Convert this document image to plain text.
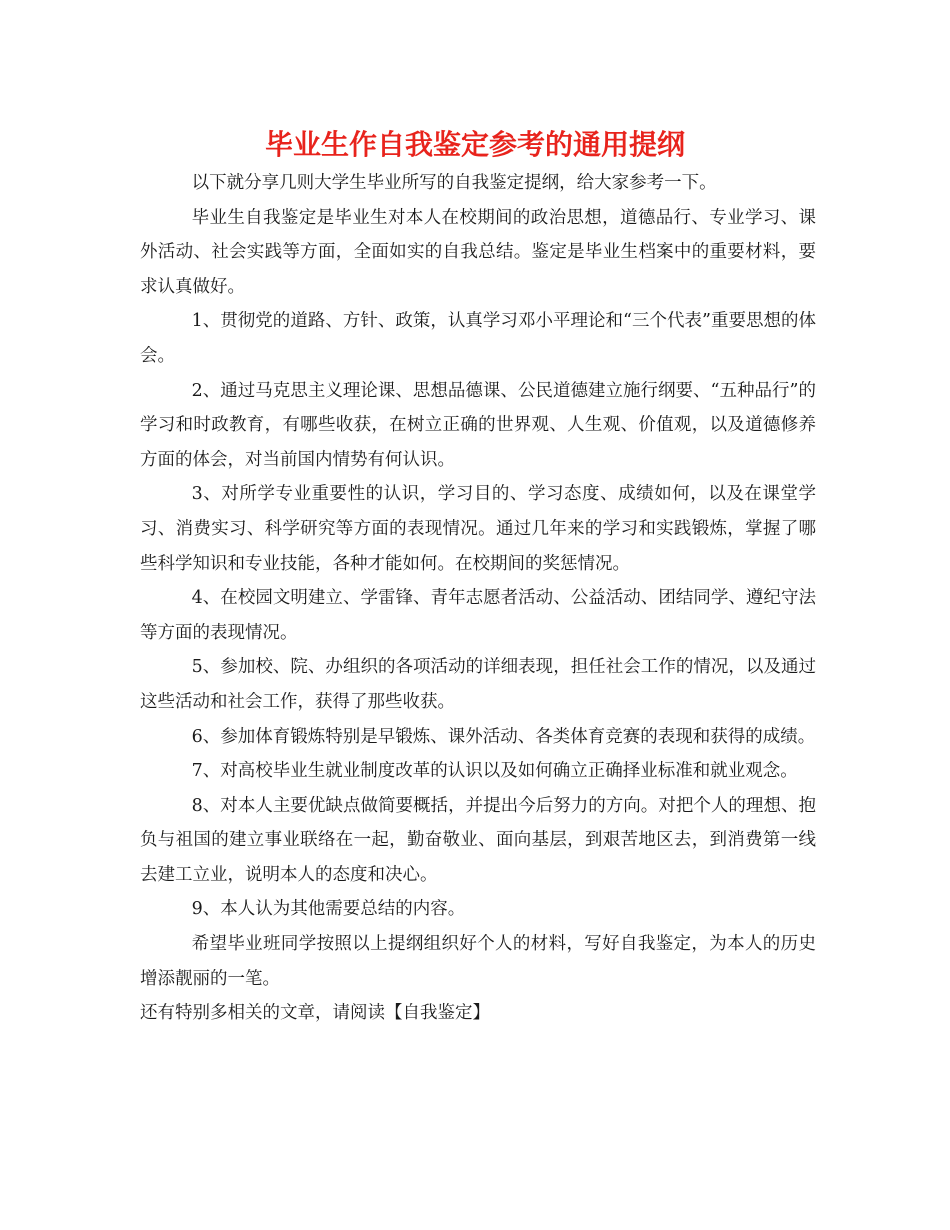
毕业生作自我鉴定参考的通用提纲

以下就分享几则大学生毕业所写的自我鉴定提纲，给大家参考一下。

毕业生自我鉴定是毕业生对本人在校期间的政治思想，道德品行、专业学习、课外活动、社会实践等方面，全面如实的自我总结。鉴定是毕业生档案中的重要材料，要求认真做好。

1、贯彻党的道路、方针、政策，认真学习邓小平理论和“三个代表”重要思想的体会。

2、通过马克思主义理论课、思想品德课、公民道德建立施行纲要、“五种品行”的学习和时政教育，有哪些收获，在树立正确的世界观、人生观、价值观，以及道德修养方面的体会，对当前国内情势有何认识。

3、对所学专业重要性的认识，学习目的、学习态度、成绩如何，以及在课堂学习、消费实习、科学研究等方面的表现情况。通过几年来的学习和实践锻炼，掌握了哪些科学知识和专业技能，各种才能如何。在校期间的奖惩情况。

4、在校园文明建立、学雷锋、青年志愿者活动、公益活动、团结同学、遵纪守法等方面的表现情况。

5、参加校、院、办组织的各项活动的详细表现，担任社会工作的情况，以及通过这些活动和社会工作，获得了那些收获。

6、参加体育锻炼特别是早锻炼、课外活动、各类体育竞赛的表现和获得的成绩。

7、对高校毕业生就业制度改革的认识以及如何确立正确择业标准和就业观念。

8、对本人主要优缺点做简要概括，并提出今后努力的方向。对把个人的理想、抱负与祖国的建立事业联络在一起，勤奋敬业、面向基层，到艰苦地区去，到消费第一线去建工立业，说明本人的态度和决心。

9、本人认为其他需要总结的内容。

希望毕业班同学按照以上提纲组织好个人的材料，写好自我鉴定，为本人的历史增添靓丽的一笔。

还有特别多相关的文章，请阅读【自我鉴定】
